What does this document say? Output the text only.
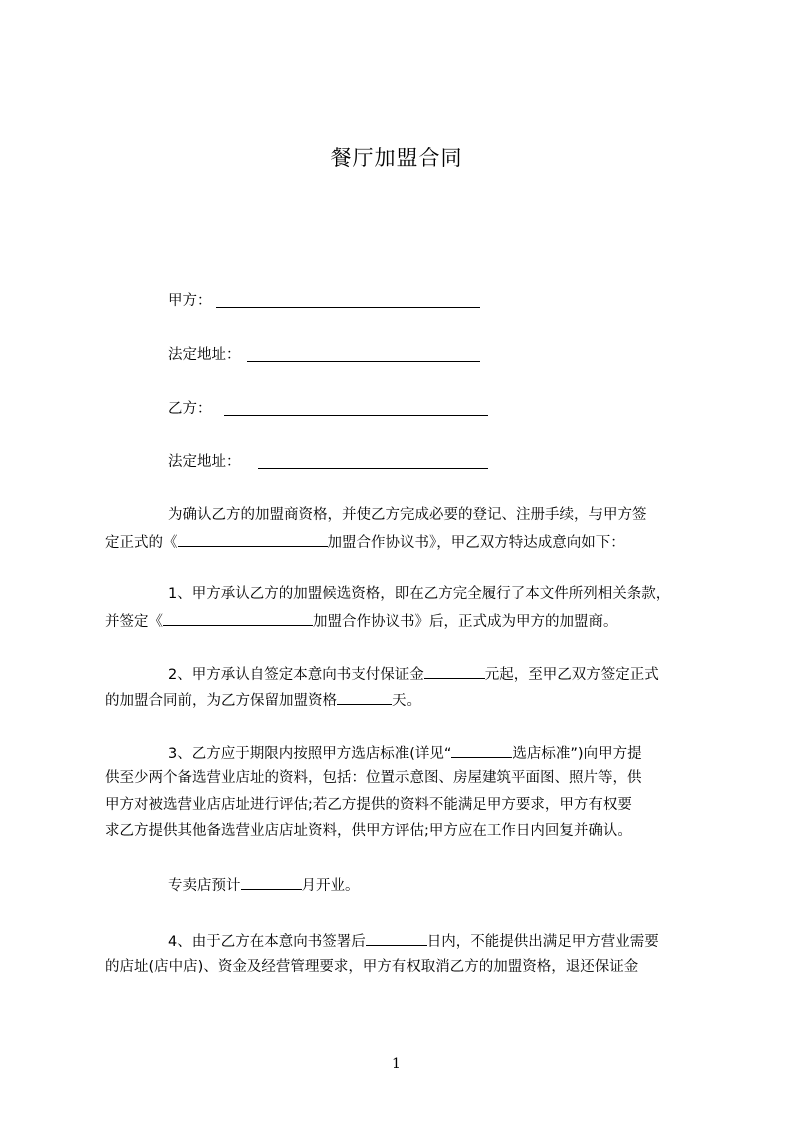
餐厅加盟合同
甲方：
法定地址：
乙方：
法定地址：
为确认乙方的加盟商资格，并使乙方完成必要的登记、注册手续，与甲方签
定正式的《	加盟合作协议书》，甲乙双方特达成意向如下：
1、甲方承认乙方的加盟候选资格，即在乙方完全履行了本文件所列相关条款，
并签定《	加盟合作协议书》后，正式成为甲方的加盟商。
2、甲方承认自签定本意向书支付保证金	元起，至甲乙双方签定正式
的加盟合同前，为乙方保留加盟资格	天。
3、乙方应于期限内按照甲方选店标准(详见“	选店标准”)向甲方提
供至少两个备选营业店址的资料，包括：位置示意图、房屋建筑平面图、照片等，供
甲方对被选营业店店址进行评估;若乙方提供的资料不能满足甲方要求，甲方有权要
求乙方提供其他备选营业店店址资料，供甲方评估;甲方应在工作日内回复并确认。
专卖店预计	月开业。
4、由于乙方在本意向书签署后	日内，不能提供出满足甲方营业需要
的店址(店中店)、资金及经营管理要求，甲方有权取消乙方的加盟资格，退还保证金
1
